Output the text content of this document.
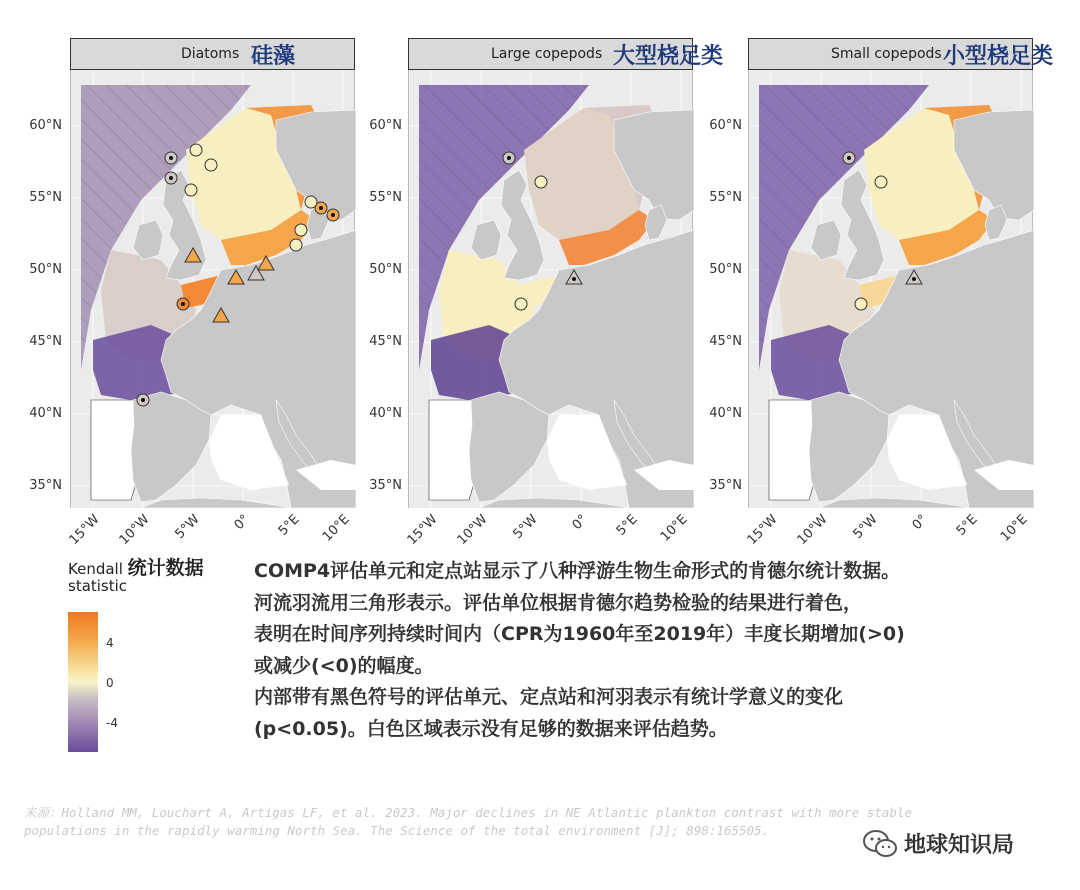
Diatoms 硅藻	Large copepods 大型桡足类	Small copepods 小型桡足类
60°N
55°N
50°N
45°N
40°N
35°N
15°W 10°W	5°W	0°	5°E	10°E
60°N
55°N
50°N
45°N
40°N
35°N
15°W 10°W	5°W	0°	5°E	10°E
60°N
55°N
50°N
45°N
40°N
35°N
15°W 10°W	5°W	0°	5°E	10°E
Kendall 统计数据
statistic
4
0
-4

COMP4评估单元和定点站显示了八种浮游生物生命形式的肯德尔统计数据。

河流羽流用三角形表示。评估单位根据肯德尔趋势检验的结果进行着色，

表明在时间序列持续时间内（CPR为1960年至2019年）丰度长期增加(>0)

或减少(<0)的幅度。

内部带有黑色符号的评估单元、定点站和河羽表示有统计学意义的变化

(p<0.05)。白色区域表示没有足够的数据来评估趋势。

来源：Holland MM, Louchart A, Artigas LF, et al. 2023. Major declines in NE Atlantic plankton contrast with more stable
populations in the rapidly warming North Sea. The Science of the total environment [J]; 898:165505.
地球知识局
